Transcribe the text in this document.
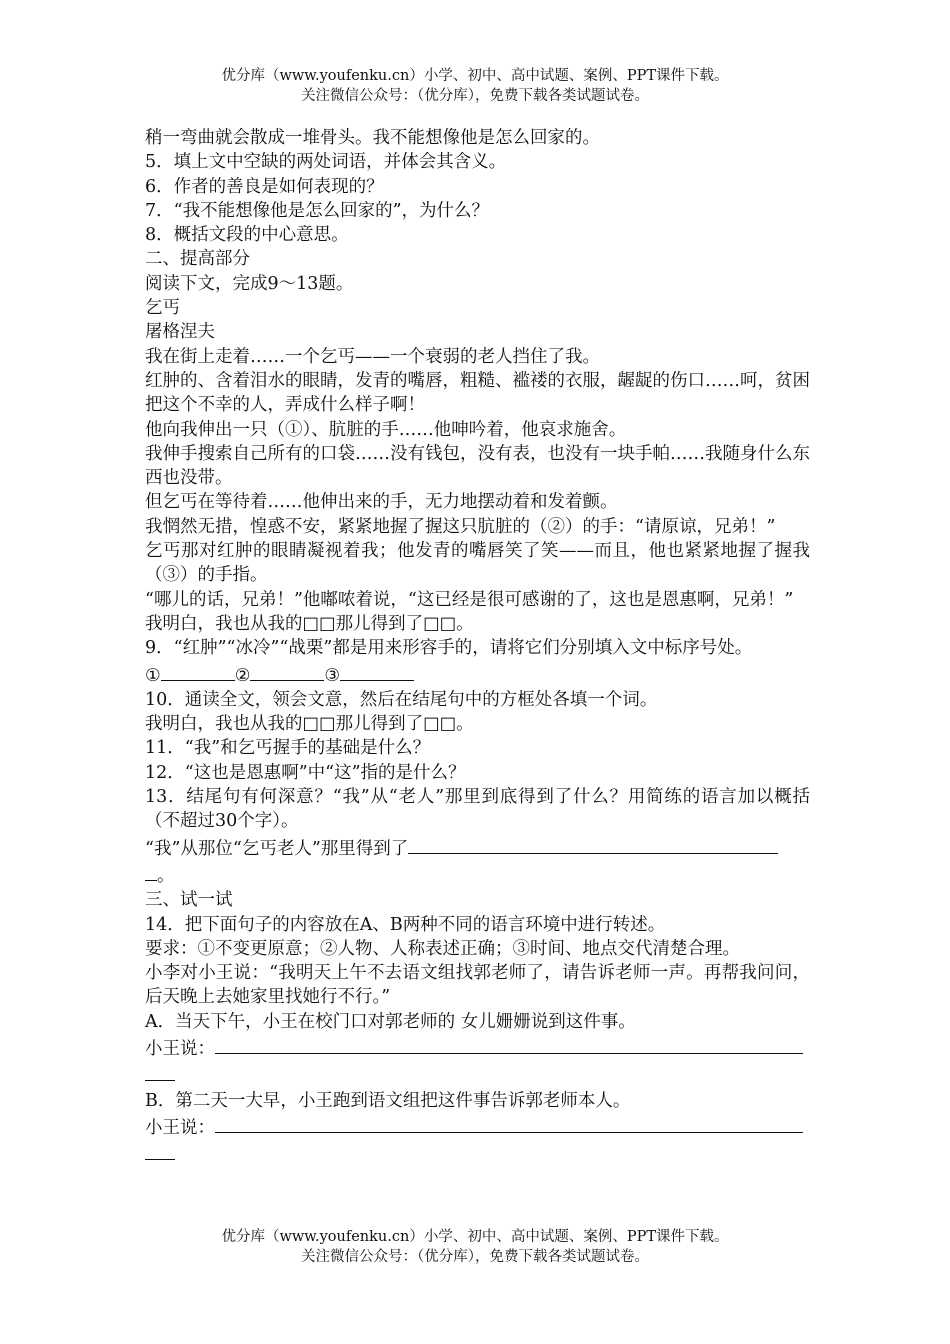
优分库（www.youfenku.cn）小学、初中、高中试题、案例、PPT课件下载。
关注微信公众号：（优分库），免费下载各类试题试卷。

稍一弯曲就会散成一堆骨头。我不能想像他是怎么回家的。

5．填上文中空缺的两处词语，并体会其含义。

6．作者的善良是如何表现的？

7．“我不能想像他是怎么回家的”，为什么？

8．概括文段的中心意思。

二、提高部分

阅读下文，完成9～13题。

乞丐

屠格涅夫

我在街上走着……一个乞丐——一个衰弱的老人挡住了我。

红肿的、含着泪水的眼睛，发青的嘴唇，粗糙、褴褛的衣服，龌龊的伤口……呵，贫困把这个不幸的人，弄成什么样子啊！

他向我伸出一只（①）、肮脏的手……他呻吟着，他哀求施舍。

我伸手搜索自己所有的口袋……没有钱包，没有表，也没有一块手帕……我随身什么东西也没带。

但乞丐在等待着……他伸出来的手，无力地摆动着和发着颤。

我惘然无措，惶惑不安，紧紧地握了握这只肮脏的（②）的手：“请原谅，兄弟！”

乞丐那对红肿的眼睛凝视着我；他发青的嘴唇笑了笑——而且，他也紧紧地握了握我（③）的手指。

“哪儿的话，兄弟！”他嘟哝着说，“这已经是很可感谢的了，这也是恩惠啊，兄弟！”

我明白，我也从我的□□那儿得到了□□。

9．“红肿”“冰冷”“战栗”都是用来形容手的，请将它们分别填入文中标序号处。

①	②	③

10．通读全文，领会文意，然后在结尾句中的方框处各填一个词。

我明白，我也从我的□□那儿得到了□□。

11．“我”和乞丐握手的基础是什么？

12．“这也是恩惠啊”中“这”指的是什么？

13．结尾句有何深意？“我”从“老人”那里到底得到了什么？用简练的语言加以概括（不超过30个字）。

“我”从那位“乞丐老人”那里得到了

。

三、试一试

14．把下面句子的内容放在A、B两种不同的语言环境中进行转述。

要求：①不变更原意；②人物、人称表述正确；③时间、地点交代清楚合理。

小李对小王说：“我明天上午不去语文组找郭老师了，请告诉老师一声。再帮我问问，后天晚上去她家里找她行不行。”

A．当天下午，小王在校门口对郭老师的 女儿姗姗说到这件事。

小王说：

B．第二天一大早，小王跑到语文组把这件事告诉郭老师本人。

小王说：

优分库（www.youfenku.cn）小学、初中、高中试题、案例、PPT课件下载。
关注微信公众号：（优分库），免费下载各类试题试卷。
